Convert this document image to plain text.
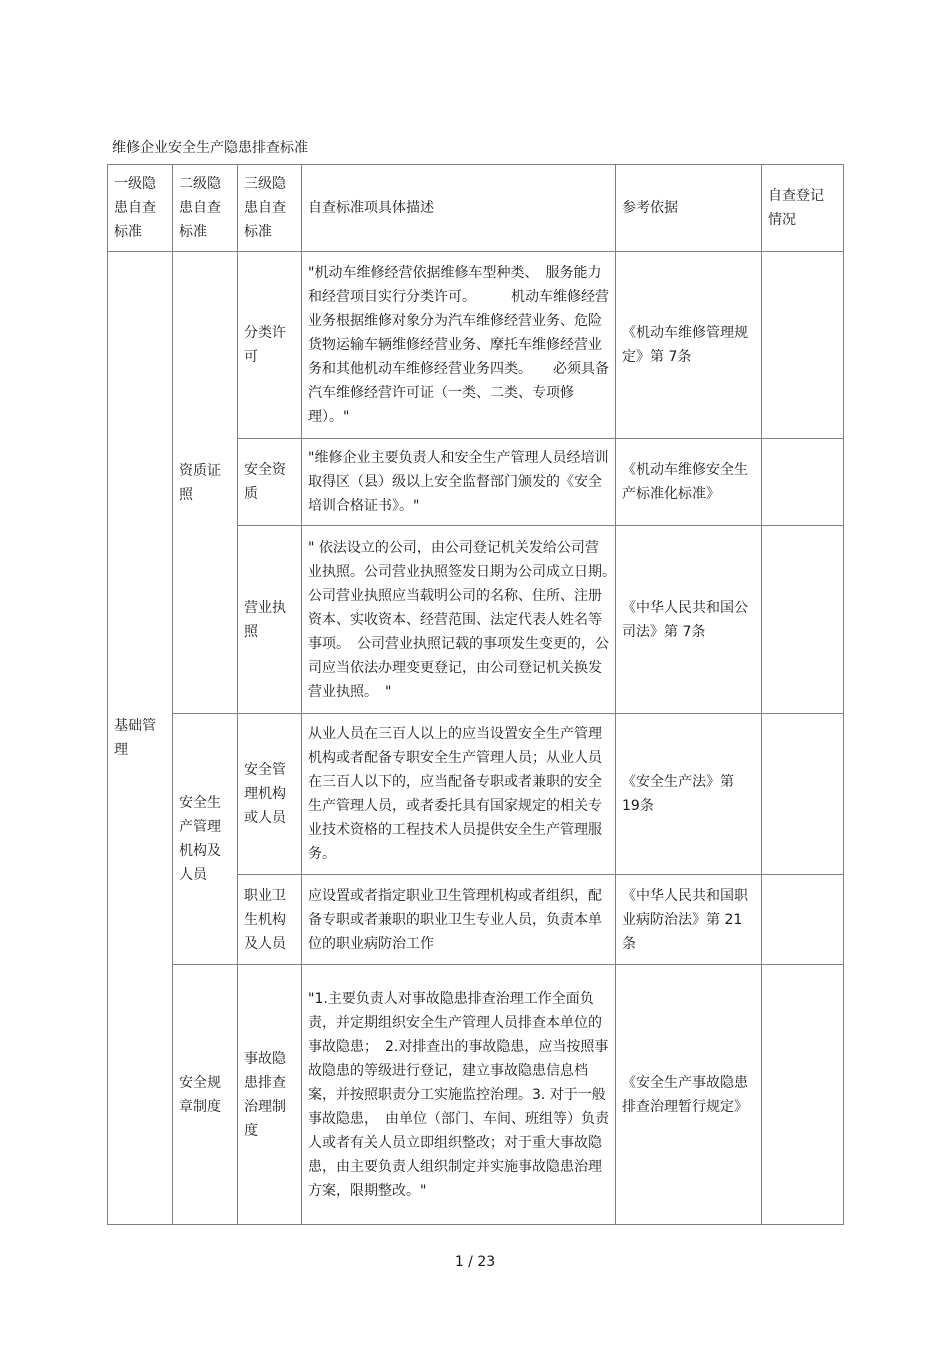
维修企业安全生产隐患排查标准
一级隐患自查标准	二级隐患自查标准	三级隐患自查标准	自查标准项具体描述	参考依据	自查登记情况
基础管理	资质证照	分类许可	"机动车维修经营依据维修车型种类、　服务能力和经营项目实行分类许可。　　　机动车维修经营业务根据维修对象分为汽车维修经营业务、危险货物运输车辆维修经营业务、摩托车维修经营业务和其他机动车维修经营业务四类。　　必须具备汽车维修经营许可证（一类、二类、专项修理）。"	《机动车维修管理规定》第 7条	
		安全资质	"维修企业主要负责人和安全生产管理人员经培训取得区（县）级以上安全监督部门颁发的《安全培训合格证书》。"	《机动车维修安全生产标准化标准》	
		营业执照	" 依法设立的公司，由公司登记机关发给公司营业执照。公司营业执照签发日期为公司成立日期。　公司营业执照应当载明公司的名称、住所、注册资本、实收资本、经营范围、法定代表人姓名等事项。　公司营业执照记载的事项发生变更的，公司应当依法办理变更登记，由公司登记机关换发营业执照。　"	《中华人民共和国公司法》第 7条	
	安全生产管理机构及人员	安全管理机构或人员	从业人员在三百人以上的应当设置安全生产管理机构或者配备专职安全生产管理人员；从业人员在三百人以下的，应当配备专职或者兼职的安全生产管理人员，或者委托具有国家规定的相关专业技术资格的工程技术人员提供安全生产管理服务。	《安全生产法》第 19条	
		职业卫生机构及人员	应设置或者指定职业卫生管理机构或者组织，配备专职或者兼职的职业卫生专业人员，负责本单位的职业病防治工作	《中华人民共和国职业病防治法》第 21条	
	安全规章制度	事故隐患排查治理制度	"1.主要负责人对事故隐患排查治理工作全面负责，并定期组织安全生产管理人员排查本单位的事故隐患；　2.对排查出的事故隐患，应当按照事故隐患的等级进行登记，建立事故隐患信息档案，并按照职责分工实施监控治理。3. 对于一般事故隐患，　由单位（部门、车间、班组等）负责人或者有关人员立即组织整改；对于重大事故隐患，由主要负责人组织制定并实施事故隐患治理方案，限期整改。"	《安全生产事故隐患排查治理暂行规定》	
1 / 23
